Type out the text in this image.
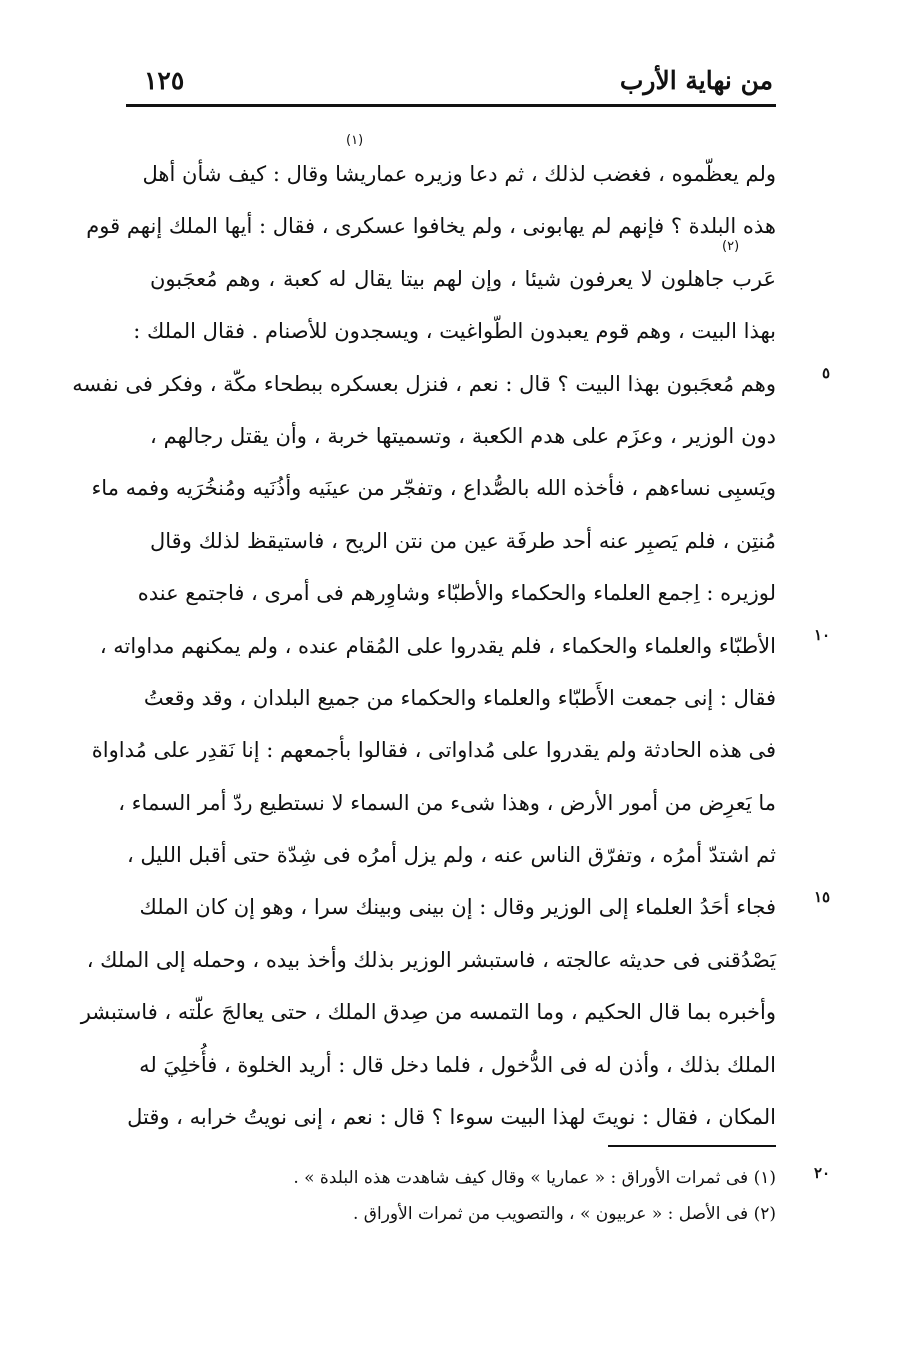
من نهاية الأرب
١٢٥
ولم يعظّموه ، فغضب لذلك ، ثم دعا وزيره عماريشا وقال : كيف شأن أهل
هذه البلدة ؟ فإنهم لم يهابونى ، ولم يخافوا عسكرى ، فقال : أيها الملك إنهم قوم
عَرب جاهلون لا يعرفون شيئا ، وإن لهم بيتا يقال له كعبة ، وهم مُعجَبون
بهذا البيت ، وهم قوم يعبدون الطّواغيت ، ويسجدون للأصنام . فقال الملك :
وهم مُعجَبون بهذا البيت ؟ قال : نعم ، فنزل بعسكره ببطحاء مكّة ، وفكر فى نفسه
دون الوزير ، وعزَم على هدم الكعبة ، وتسميتها خربة ، وأن يقتل رجالهم ،
ويَسبِى نساءهم ، فأخذه الله بالصُّداع ، وتفجّر من عينَيه وأذُنَيه ومُنخُرَيه وفمه ماء
مُنتِن ، فلم يَصبِر عنه أحد طرفَة عين من نتن الريح ، فاستيقظ لذلك وقال
لوزيره : اِجمع العلماء والحكماء والأطبّاء وشاوِرهم فى أمرى ، فاجتمع عنده
الأطبّاء والعلماء والحكماء ، فلم يقدروا على المُقام عنده ، ولم يمكنهم مداواته ،
فقال : إنى جمعت الأَطبّاء والعلماء والحكماء من جميع البلدان ، وقد وقعتُ
فى هذه الحادثة ولم يقدروا على مُداواتى ، فقالوا بأجمعهم : إنا نَقدِر على مُداواة
ما يَعرِض من أمور الأرض ، وهذا شىء من السماء لا نستطيع ردّ أمر السماء ،
ثم اشتدّ أمرُه ، وتفرّق الناس عنه ، ولم يزل أمرُه فى شِدّة حتى أقبل الليل ،
فجاء أحَدُ العلماء إلى الوزير وقال : إن بينى وبينك سرا ، وهو إن كان الملك
يَصْدُقنى فى حديثه عالجته ، فاستبشر الوزير بذلك وأخذ بيده ، وحمله إلى الملك ،
وأخبره بما قال الحكيم ، وما التمسه من صِدق الملك ، حتى يعالجَ علّته ، فاستبشر
الملك بذلك ، وأذن له فى الدُّخول ، فلما دخل قال : أريد الخلوة ، فأُخلِيَ له
المكان ، فقال : نويتَ لهذا البيت سوءا ؟ قال : نعم ، إنى نويتُ خرابه ، وقتل
(١)
(٢)
٥
١٠
١٥
٢٠
(١) فى ثمرات الأوراق : « عماريا » وقال كيف شاهدت هذه البلدة » .
(٢) فى الأصل : « عربيون » ، والتصويب من ثمرات الأوراق .
